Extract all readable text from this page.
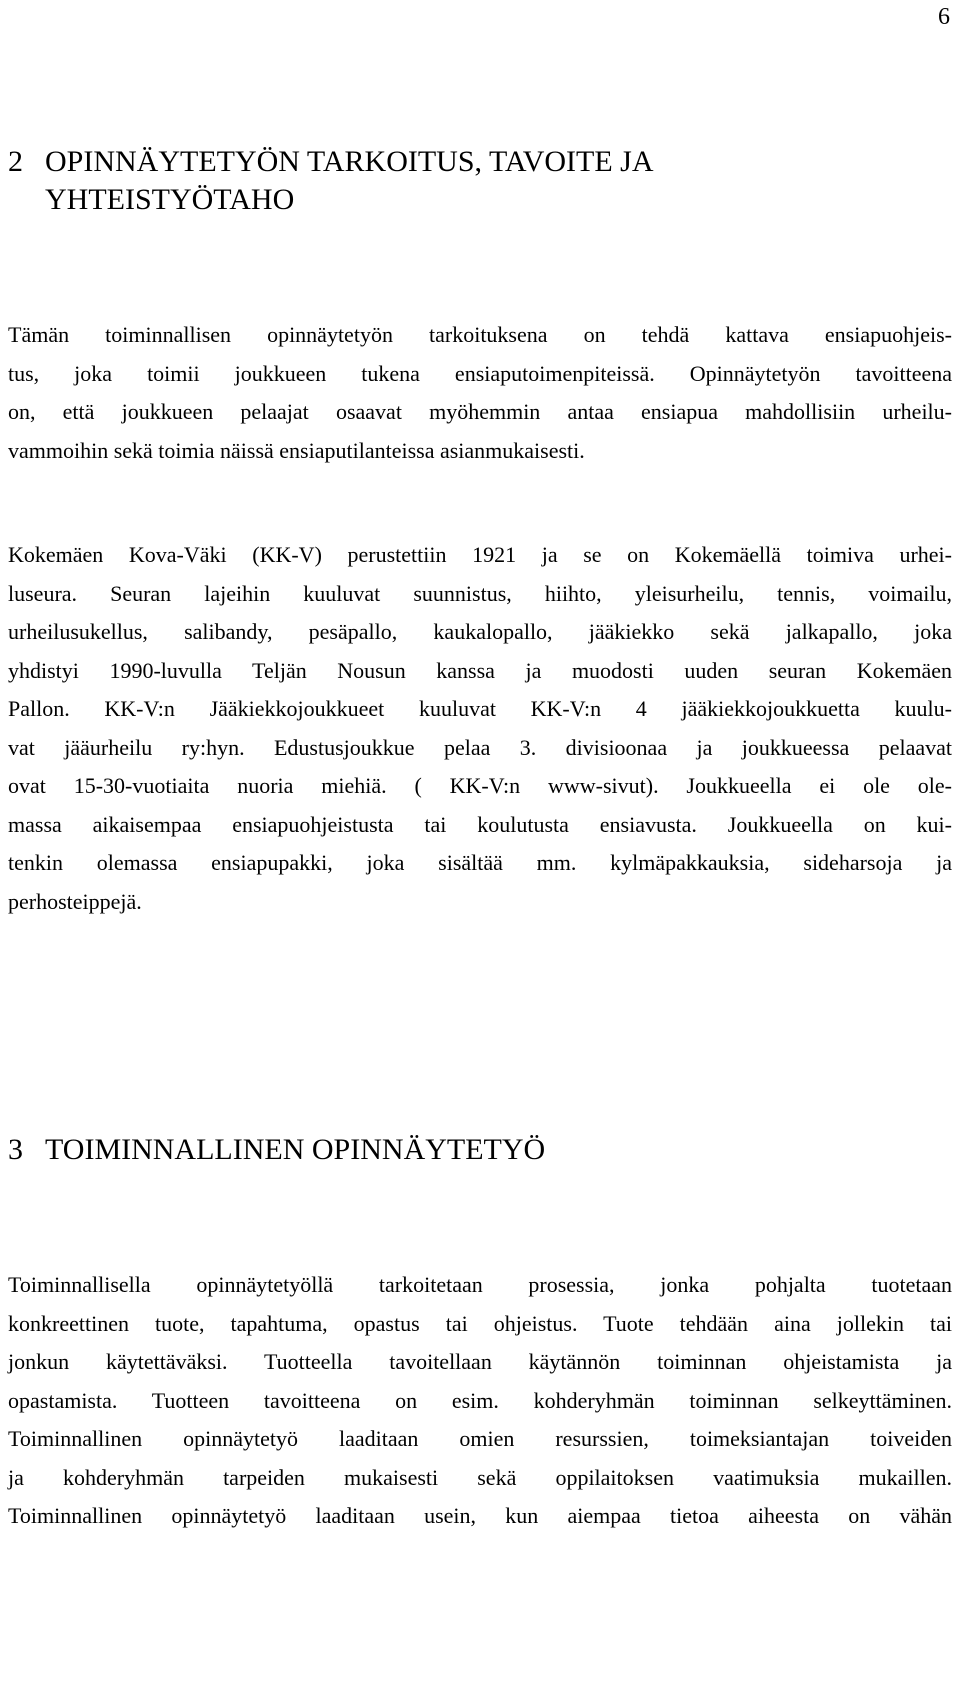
6
2 OPINNÄYTETYÖN TARKOITUS, TAVOITE JA
YHTEISTYÖTAHO
Tämän toiminnallisen opinnäytetyön tarkoituksena on tehdä kattava ensiapuohjeis-
tus, joka toimii joukkueen tukena ensiaputoimenpiteissä. Opinnäytetyön tavoitteena
on, että joukkueen pelaajat osaavat myöhemmin antaa ensiapua mahdollisiin urheilu-
vammoihin sekä toimia näissä ensiaputilanteissa asianmukaisesti.
Kokemäen Kova-Väki (KK-V) perustettiin 1921 ja se on Kokemäellä toimiva urhei-
luseura. Seuran lajeihin kuuluvat suunnistus, hiihto, yleisurheilu, tennis, voimailu,
urheilusukellus, salibandy, pesäpallo, kaukalopallo, jääkiekko sekä jalkapallo, joka
yhdistyi 1990-luvulla Teljän Nousun kanssa ja muodosti uuden seuran Kokemäen
Pallon. KK-V:n Jääkiekkojoukkueet kuuluvat KK-V:n 4 jääkiekkojoukkuetta kuulu-
vat jääurheilu ry:hyn. Edustusjoukkue pelaa 3. divisioonaa ja joukkueessa pelaavat
ovat 15-30-vuotiaita nuoria miehiä. ( KK-V:n www-sivut). Joukkueella ei ole ole-
massa aikaisempaa ensiapuohjeistusta tai koulutusta ensiavusta. Joukkueella on kui-
tenkin olemassa ensiapupakki, joka sisältää mm. kylmäpakkauksia, sideharsoja ja
perhosteippejä.
3 TOIMINNALLINEN OPINNÄYTETYÖ
Toiminnallisella opinnäytetyöllä tarkoitetaan prosessia, jonka pohjalta tuotetaan
konkreettinen tuote, tapahtuma, opastus tai ohjeistus. Tuote tehdään aina jollekin tai
jonkun käytettäväksi. Tuotteella tavoitellaan käytännön toiminnan ohjeistamista ja
opastamista. Tuotteen tavoitteena on esim. kohderyhmän toiminnan selkeyttäminen.
Toiminnallinen opinnäytetyö laaditaan omien resurssien, toimeksiantajan toiveiden
ja kohderyhmän tarpeiden mukaisesti sekä oppilaitoksen vaatimuksia mukaillen.
Toiminnallinen opinnäytetyö laaditaan usein, kun aiempaa tietoa aiheesta on vähän
